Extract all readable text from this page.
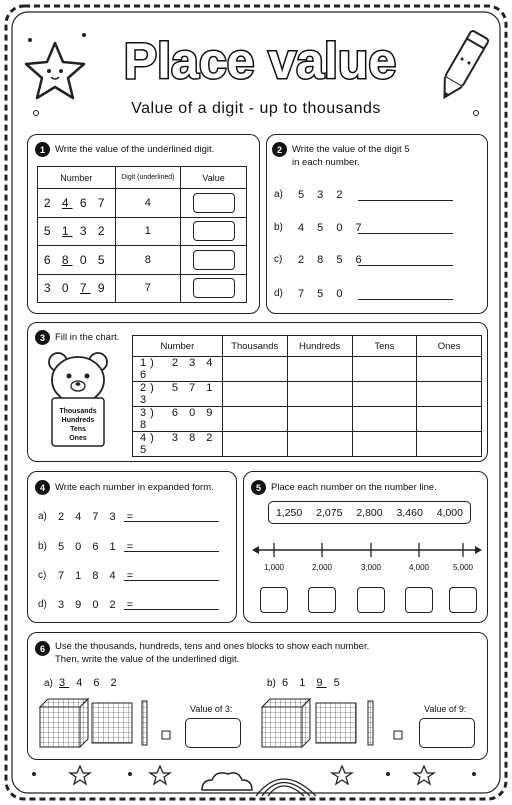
Place value
Value of a digit - up to thousands
1	Write the value of the underlined digit.
Number	Digit (underlined)	Value
2 4 6 7	4	
5 1 3 2	1	
6 8 0 5	8	
3 0 7 9	7	
2	Write the value of the digit 5
in each number.
a) 5 3 2
b) 4 5 0 7
c) 2 8 5 6
d) 7 5 0
3	Fill in the chart.
Thousands
Hundreds
Tens
Ones
Number	Thousands	Hundreds	Tens	Ones
1) 2 3 4 6				
2) 5 7 1 3				
3) 6 0 9 8				
4) 3 8 2 5				
4	Write each number in expanded form.
a) 2 4 7 3 =
b) 5 0 6 1 =
c) 7 1 8 4 =
d) 3 9 0 2 =
5	Place each number on the number line.
1,250 2,075 2,800 3,460 4,000
1,000	2,000	3,000	4,000	5,000
6	Use the thousands, hundreds, tens and ones blocks to show each number.
Then, write the value of the underlined digit.
a) 3 4 6 2
Value of 3:
b) 6 1 9 5
Value of 9:
